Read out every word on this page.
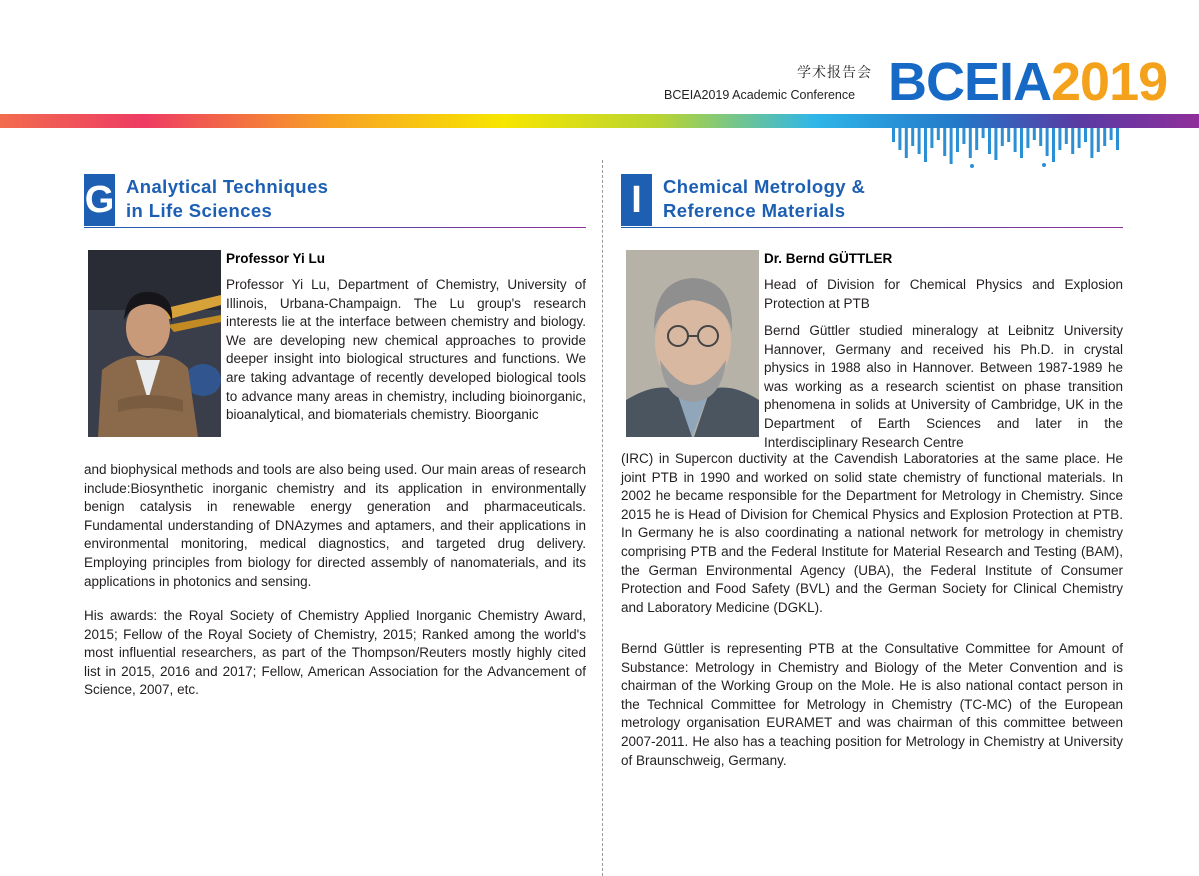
学术报告会
BCEIA2019 Academic Conference BCEIA2019
G Analytical Techniques
in Life Sciences
Professor Yi Lu

Professor Yi Lu, Department of Chemistry, University of Illinois, Urbana-Champaign. The Lu group's research interests lie at the interface between chemistry and biology. We are developing new chemical approaches to provide deeper insight into biological structures and functions. We are taking advantage of recently developed biological tools to advance many areas in chemistry, including bioinorganic, bioanalytical, and biomaterials chemistry. Bioorganic

and biophysical methods and tools are also being used. Our main areas of research include:Biosynthetic inorganic chemistry and its application in environmentally benign catalysis in renewable energy generation and pharmaceuticals. Fundamental understanding of DNAzymes and aptamers, and their applications in environmental monitoring, medical diagnostics, and targeted drug delivery. Employing principles from biology for directed assembly of nanomaterials, and its applications in photonics and sensing.

His awards: the Royal Society of Chemistry Applied Inorganic Chemistry Award, 2015; Fellow of the Royal Society of Chemistry, 2015; Ranked among the world's most influential researchers, as part of the Thompson/Reuters mostly highly cited list in 2015, 2016 and 2017; Fellow, American Association for the Advancement of Science, 2007, etc.

I	Chemical Metrology &
Reference Materials
Dr. Bernd GÜTTLER

Head of Division for Chemical Physics and Explosion Protection at PTB

Bernd Güttler studied mineralogy at Leibnitz University Hannover, Germany and received his Ph.D. in crystal physics in 1988 also in Hannover. Between 1987-1989 he was working as a research scientist on phase transition phenomena in solids at University of Cambridge, UK in the Department of Earth Sciences and later in the Interdisciplinary Research Centre

(IRC) in Supercon ductivity at the Cavendish Laboratories at the same place. He joint PTB in 1990 and worked on solid state chemistry of functional materials. In 2002 he became responsible for the Department for Metrology in Chemistry. Since 2015 he is Head of Division for Chemical Physics and Explosion Protection at PTB. In Germany he is also coordinating a national network for metrology in chemistry comprising PTB and the Federal Institute for Material Research and Testing (BAM), the German Environmental Agency (UBA), the Federal Institute of Consumer Protection and Food Safety (BVL) and the German Society for Clinical Chemistry and Laboratory Medicine (DGKL).

Bernd Güttler is representing PTB at the Consultative Committee for Amount of Substance: Metrology in Chemistry and Biology of the Meter Convention and is chairman of the Working Group on the Mole. He is also national contact person in the Technical Committee for Metrology in Chemistry (TC-MC) of the European metrology organisation EURAMET and was chairman of this committee between 2007-2011. He also has a teaching position for Metrology in Chemistry at University of Braunschweig, Germany.
